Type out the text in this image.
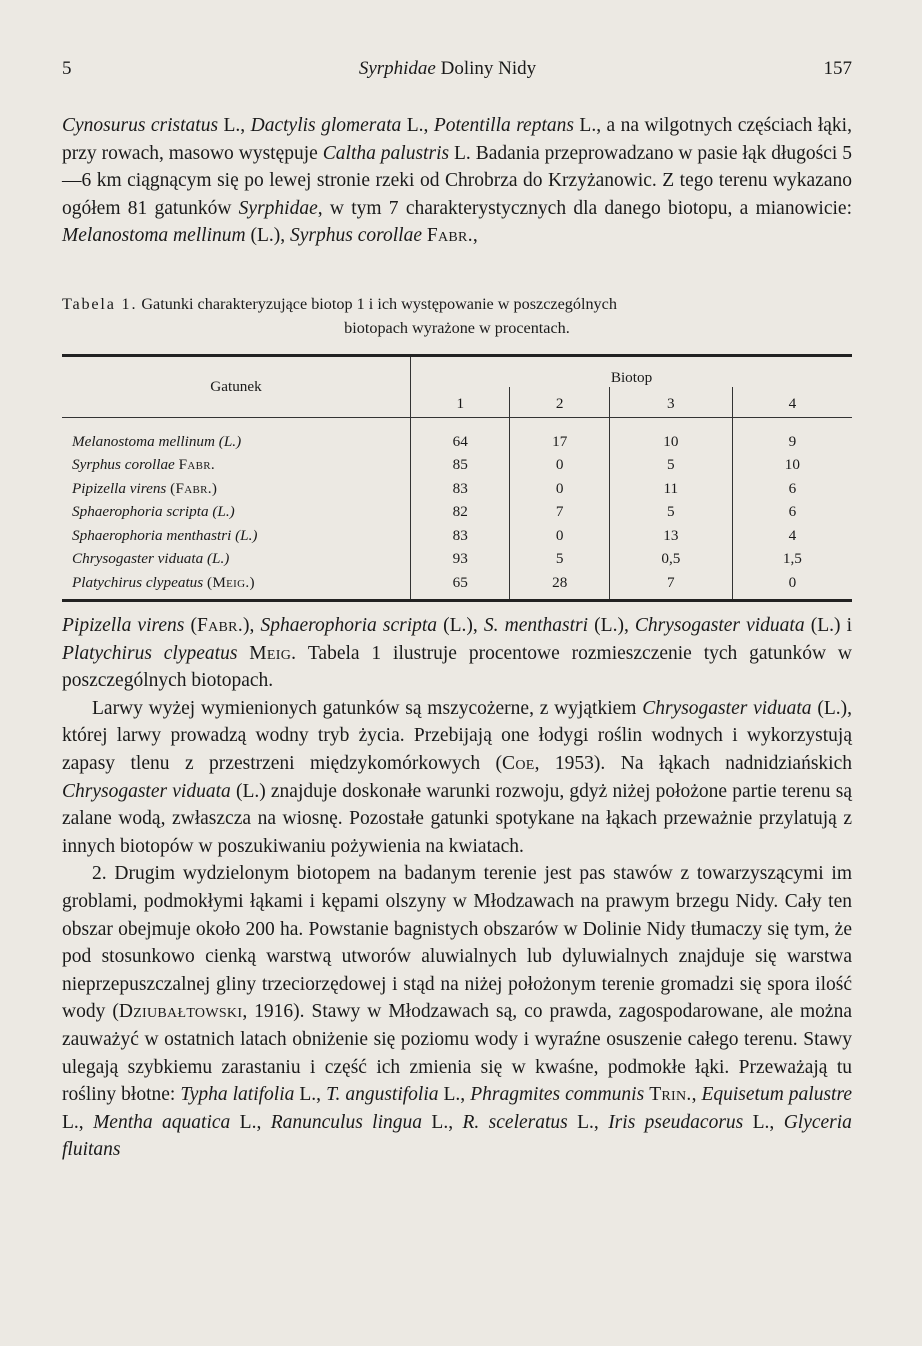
5	Syrphidae Doliny Nidy	157
Cynosurus cristatus L., Dactylis glomerata L., Potentilla reptans L., a na wilgotnych częściach łąki, przy rowach, masowo występuje Caltha palustris L. Badania przeprowadzano w pasie łąk długości 5—6 km ciągnącym się po lewej stronie rzeki od Chrobrza do Krzyżanowic. Z tego terenu wykazano ogółem 81 gatunków Syrphidae, w tym 7 charakterystycznych dla danego biotopu, a mianowicie: Melanostoma mellinum (L.), Syrphus corollae Fabr.,
Tabela 1. Gatunki charakteryzujące biotop 1 i ich występowanie w poszczególnych
biotopach wyrażone w procentach.
Gatunek	Biotop			
	1	2	3	4
Melanostoma mellinum (L.)	64	17	10	9
Syrphus corollae Fabr.	85	0	5	10
Pipizella virens (Fabr.)	83	0	11	6
Sphaerophoria scripta (L.)	82	7	5	6
Sphaerophoria menthastri (L.)	83	0	13	4
Chrysogaster viduata (L.)	93	5	0,5	1,5
Platychirus clypeatus (Meig.)	65	28	7	0
Pipizella virens (Fabr.), Sphaerophoria scripta (L.), S. menthastri (L.), Chrysogaster viduata (L.) i Platychirus clypeatus Meig. Tabela 1 ilustruje procentowe rozmieszczenie tych gatunków w poszczególnych biotopach.
Larwy wyżej wymienionych gatunków są mszycożerne, z wyjątkiem Chrysogaster viduata (L.), której larwy prowadzą wodny tryb życia. Przebijają one łodygi roślin wodnych i wykorzystują zapasy tlenu z przestrzeni międzykomórkowych (Coe, 1953). Na łąkach nadnidziańskich Chrysogaster viduata (L.) znajduje doskonałe warunki rozwoju, gdyż niżej położone partie terenu są zalane wodą, zwłaszcza na wiosnę. Pozostałe gatunki spotykane na łąkach przeważnie przylatują z innych biotopów w poszukiwaniu pożywienia na kwiatach.
2. Drugim wydzielonym biotopem na badanym terenie jest pas stawów z towarzyszącymi im groblami, podmokłymi łąkami i kępami olszyny w Młodzawach na prawym brzegu Nidy. Cały ten obszar obejmuje około 200 ha. Powstanie bagnistych obszarów w Dolinie Nidy tłumaczy się tym, że pod stosunkowo cienką warstwą utworów aluwialnych lub dyluwialnych znajduje się warstwa nieprzepuszczalnej gliny trzeciorzędowej i stąd na niżej położonym terenie gromadzi się spora ilość wody (Dziubałtowski, 1916). Stawy w Młodzawach są, co prawda, zagospodarowane, ale można zauważyć w ostatnich latach obniżenie się poziomu wody i wyraźne osuszenie całego terenu. Stawy ulegają szybkiemu zarastaniu i część ich zmienia się w kwaśne, podmokłe łąki. Przeważają tu rośliny błotne: Typha latifolia L., T. angustifolia L., Phragmites communis Trin., Equisetum palustre L., Mentha aquatica L., Ranunculus lingua L., R. sceleratus L., Iris pseudacorus L., Glyceria fluitans
